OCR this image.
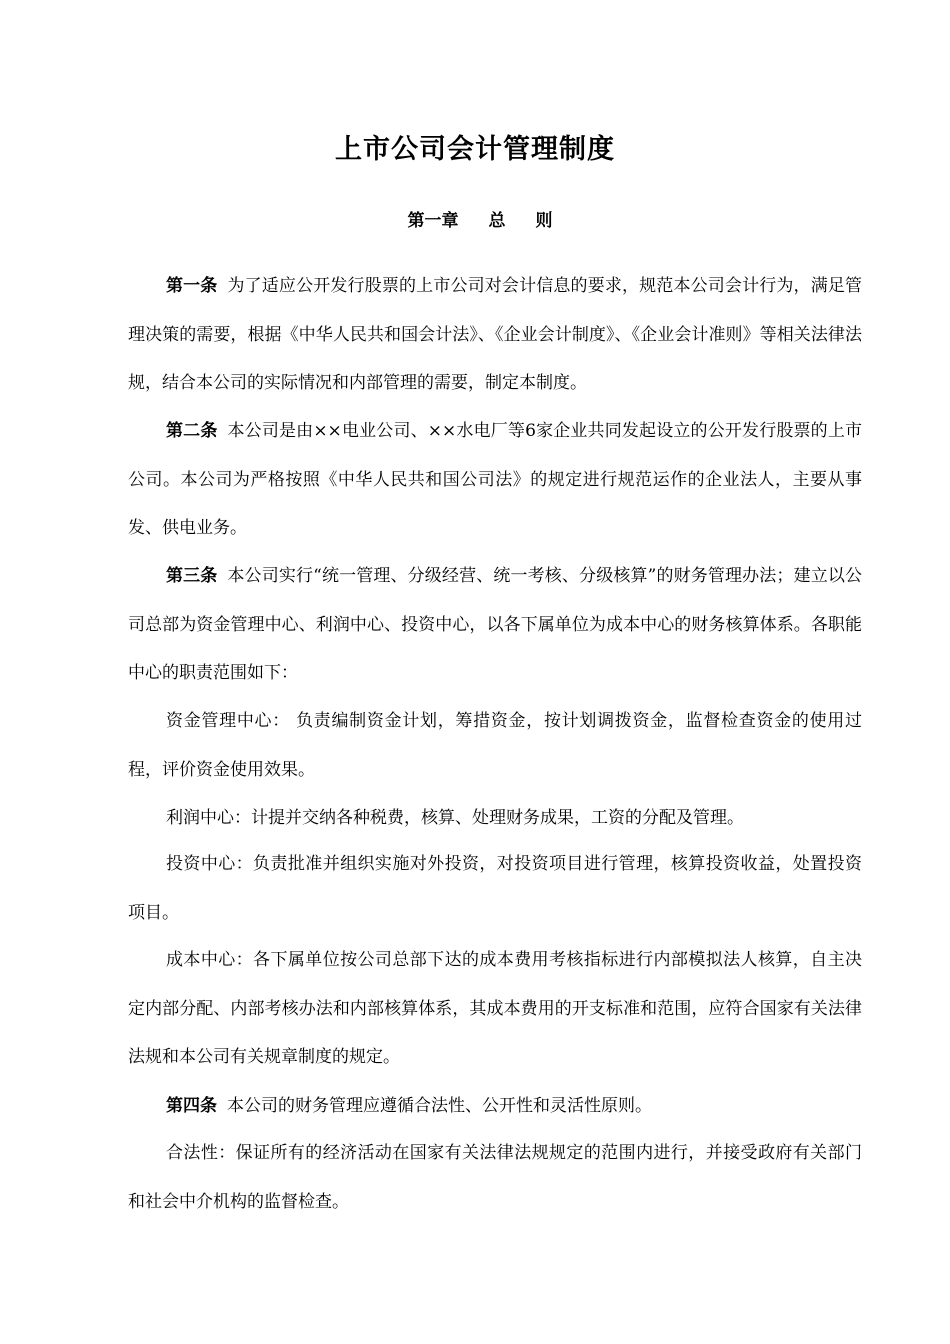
上市公司会计管理制度
第一章 总 则

第一条 为了适应公开发行股票的上市公司对会计信息的要求，规范本公司会计行为，满足管理决策的需要，根据《中华人民共和国会计法》、《企业会计制度》、《企业会计准则》等相关法律法规，结合本公司的实际情况和内部管理的需要，制定本制度。

第二条 本公司是由××电业公司、××水电厂等6家企业共同发起设立的公开发行股票的上市公司。本公司为严格按照《中华人民共和国公司法》的规定进行规范运作的企业法人，主要从事发、供电业务。

第三条 本公司实行“统一管理、分级经营、统一考核、分级核算”的财务管理办法；建立以公司总部为资金管理中心、利润中心、投资中心，以各下属单位为成本中心的财务核算体系。各职能中心的职责范围如下：

资金管理中心： 负责编制资金计划，筹措资金，按计划调拨资金，监督检查资金的使用过程，评价资金使用效果。

利润中心：计提并交纳各种税费，核算、处理财务成果，工资的分配及管理。

投资中心：负责批准并组织实施对外投资，对投资项目进行管理，核算投资收益，处置投资项目。

成本中心：各下属单位按公司总部下达的成本费用考核指标进行内部模拟法人核算，自主决定内部分配、内部考核办法和内部核算体系，其成本费用的开支标准和范围，应符合国家有关法律法规和本公司有关规章制度的规定。

第四条 本公司的财务管理应遵循合法性、公开性和灵活性原则。

合法性：保证所有的经济活动在国家有关法律法规规定的范围内进行，并接受政府有关部门和社会中介机构的监督检查。
